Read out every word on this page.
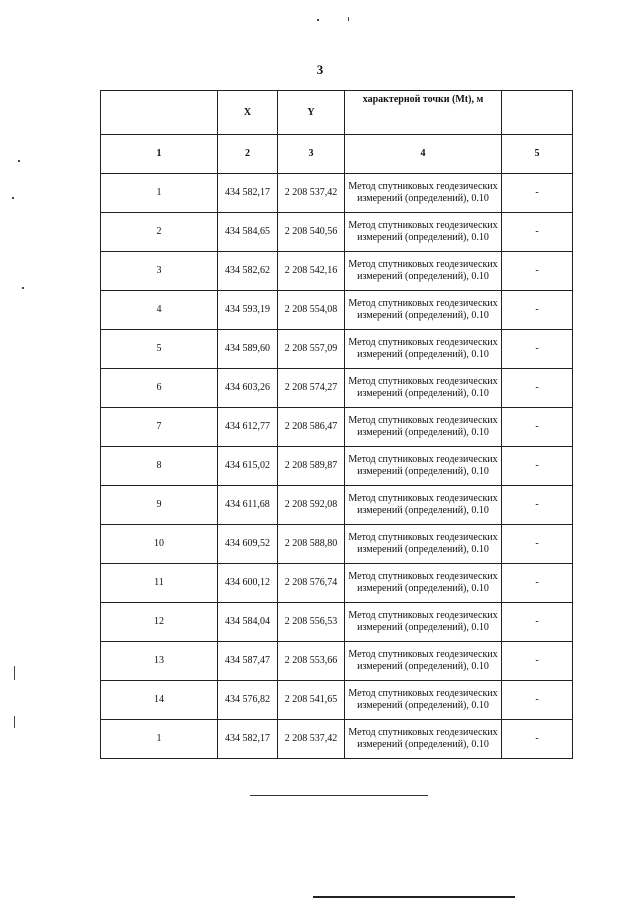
3
	X	Y	характерной точки (Mt), м	
1	2	3	4	5
1	434 582,17	2 208 537,42	Метод спутниковых геодезических измерений (определений), 0.10	-
2	434 584,65	2 208 540,56	Метод спутниковых геодезических измерений (определений), 0.10	-
3	434 582,62	2 208 542,16	Метод спутниковых геодезических измерений (определений), 0.10	-
4	434 593,19	2 208 554,08	Метод спутниковых геодезических измерений (определений), 0.10	-
5	434 589,60	2 208 557,09	Метод спутниковых геодезических измерений (определений), 0.10	-
6	434 603,26	2 208 574,27	Метод спутниковых геодезических измерений (определений), 0.10	-
7	434 612,77	2 208 586,47	Метод спутниковых геодезических измерений (определений), 0.10	-
8	434 615,02	2 208 589,87	Метод спутниковых геодезических измерений (определений), 0.10	-
9	434 611,68	2 208 592,08	Метод спутниковых геодезических измерений (определений), 0.10	-
10	434 609,52	2 208 588,80	Метод спутниковых геодезических измерений (определений), 0.10	-
11	434 600,12	2 208 576,74	Метод спутниковых геодезических измерений (определений), 0.10	-
12	434 584,04	2 208 556,53	Метод спутниковых геодезических измерений (определений), 0.10	-
13	434 587,47	2 208 553,66	Метод спутниковых геодезических измерений (определений), 0.10	-
14	434 576,82	2 208 541,65	Метод спутниковых геодезических измерений (определений), 0.10	-
1	434 582,17	2 208 537,42	Метод спутниковых геодезических измерений (определений), 0.10	-
